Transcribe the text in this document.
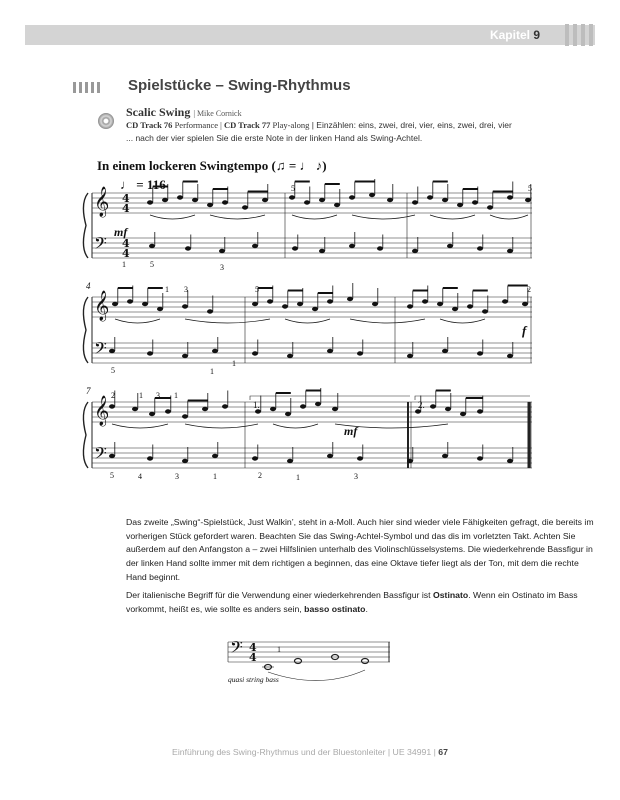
Kapitel 9
Spielstücke – Swing-Rhythmus
Scalic Swing | Mike Cornick
CD Track 76 Performance | CD Track 77 Play-along | Einzählen: eins, zwei, drei, vier, eins, zwei, drei, vier
... nach der vier spielen Sie die erste Note in der linken Hand als Swing-Achtel.
In einem lockeren Swingtempo (♫ = ♩ ♪)
♩ = 116
𝄞
𝄢
𝄞
𝄢
𝄞
𝄢
4
4
4
4
mf
f
mf
4
7
1.	2.
1	5	3
5	5
1 3	5
1
1
2
5
2	1 3 1
5	4	3	1	2	1	3
1
𝄢 4
4
Das zweite „Swing“-Spielstück, Just Walkin’, steht in a-Moll. Auch hier sind wieder viele Fähigkeiten gefragt, die bereits im vorherigen Stück gefordert waren. Beachten Sie das Swing-Achtel-Symbol und das dis im vorletzten Takt. Achten Sie außerdem auf den Anfangston a – zwei Hilfslinien unterhalb des Violinschlüsselsystems. Die wiederkehrende Bassfigur in der linken Hand sollte immer mit dem richtigen a beginnen, das eine Oktave tiefer liegt als der Ton, mit dem die rechte Hand beginnt.
Der italienische Begriff für die Verwendung einer wiederkehrenden Bassfigur ist Ostinato. Wenn ein Ostinato im Bass vorkommt, heißt es, wie sollte es anders sein, basso ostinato.
quasi string bass
Einführung des Swing-Rhythmus und der Bluestonleiter | UE 34991 | 67
